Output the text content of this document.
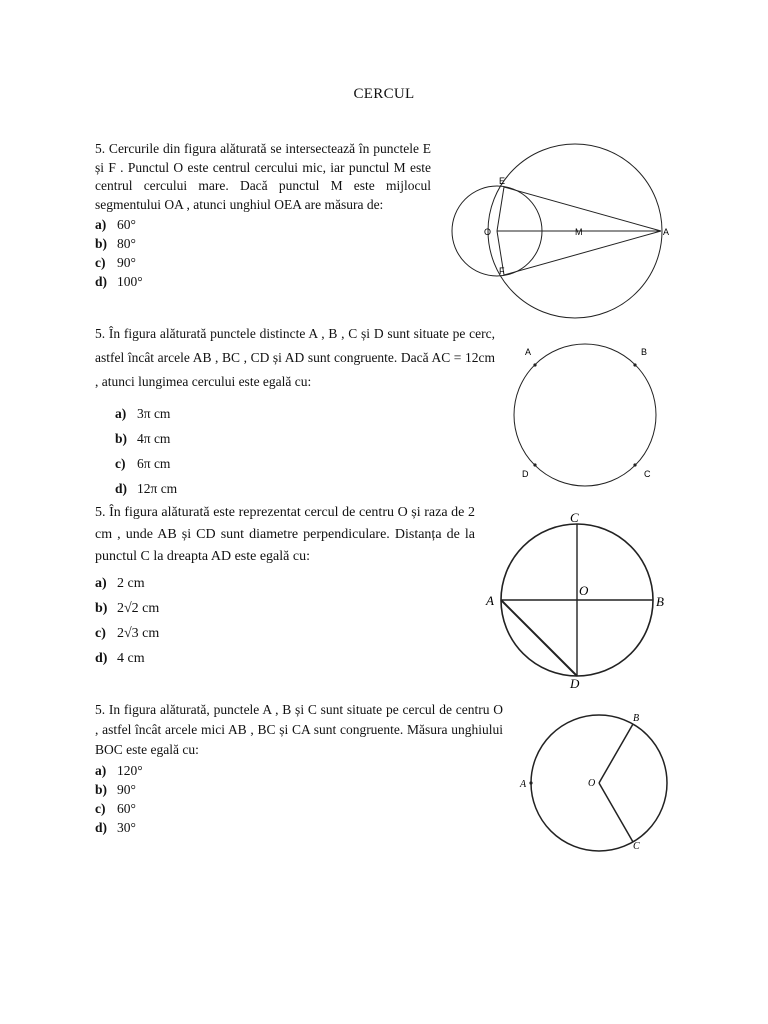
CERCUL
5. Cercurile din figura alăturată se intersectează în punctele E și F . Punctul O este centrul cercului mic, iar punctul M este centrul cercului mare. Dacă punctul M este mijlocul segmentului OA , atunci unghiul OEA are măsura de:
a) 60°
b) 80°
c) 90°
d) 100°
E
F
O	M	A
5. În figura alăturată punctele distincte A , B , C și D sunt situate pe cerc, astfel încât arcele AB , BC , CD și AD sunt congruente. Dacă AC = 12cm , atunci lungimea cercului este egală cu:
a) 3π cm
b) 4π cm
c) 6π cm
d) 12π cm
A	B
C
D
5. În figura alăturată este reprezentat cercul de centru O și raza de 2 cm , unde AB și CD sunt diametre perpendiculare. Distanța de la punctul C la dreapta AD este egală cu:
a) 2 cm
b) 2√2 cm
c) 2√3 cm
d) 4 cm
C
D
A	B
O
5. In figura alăturată, punctele A , B și C sunt situate pe cercul de centru O , astfel încât arcele mici AB , BC și CA sunt congruente. Măsura unghiului BOC este egală cu:
a) 120°
b) 90°
c) 60°
d) 30°
B
C
A	O
